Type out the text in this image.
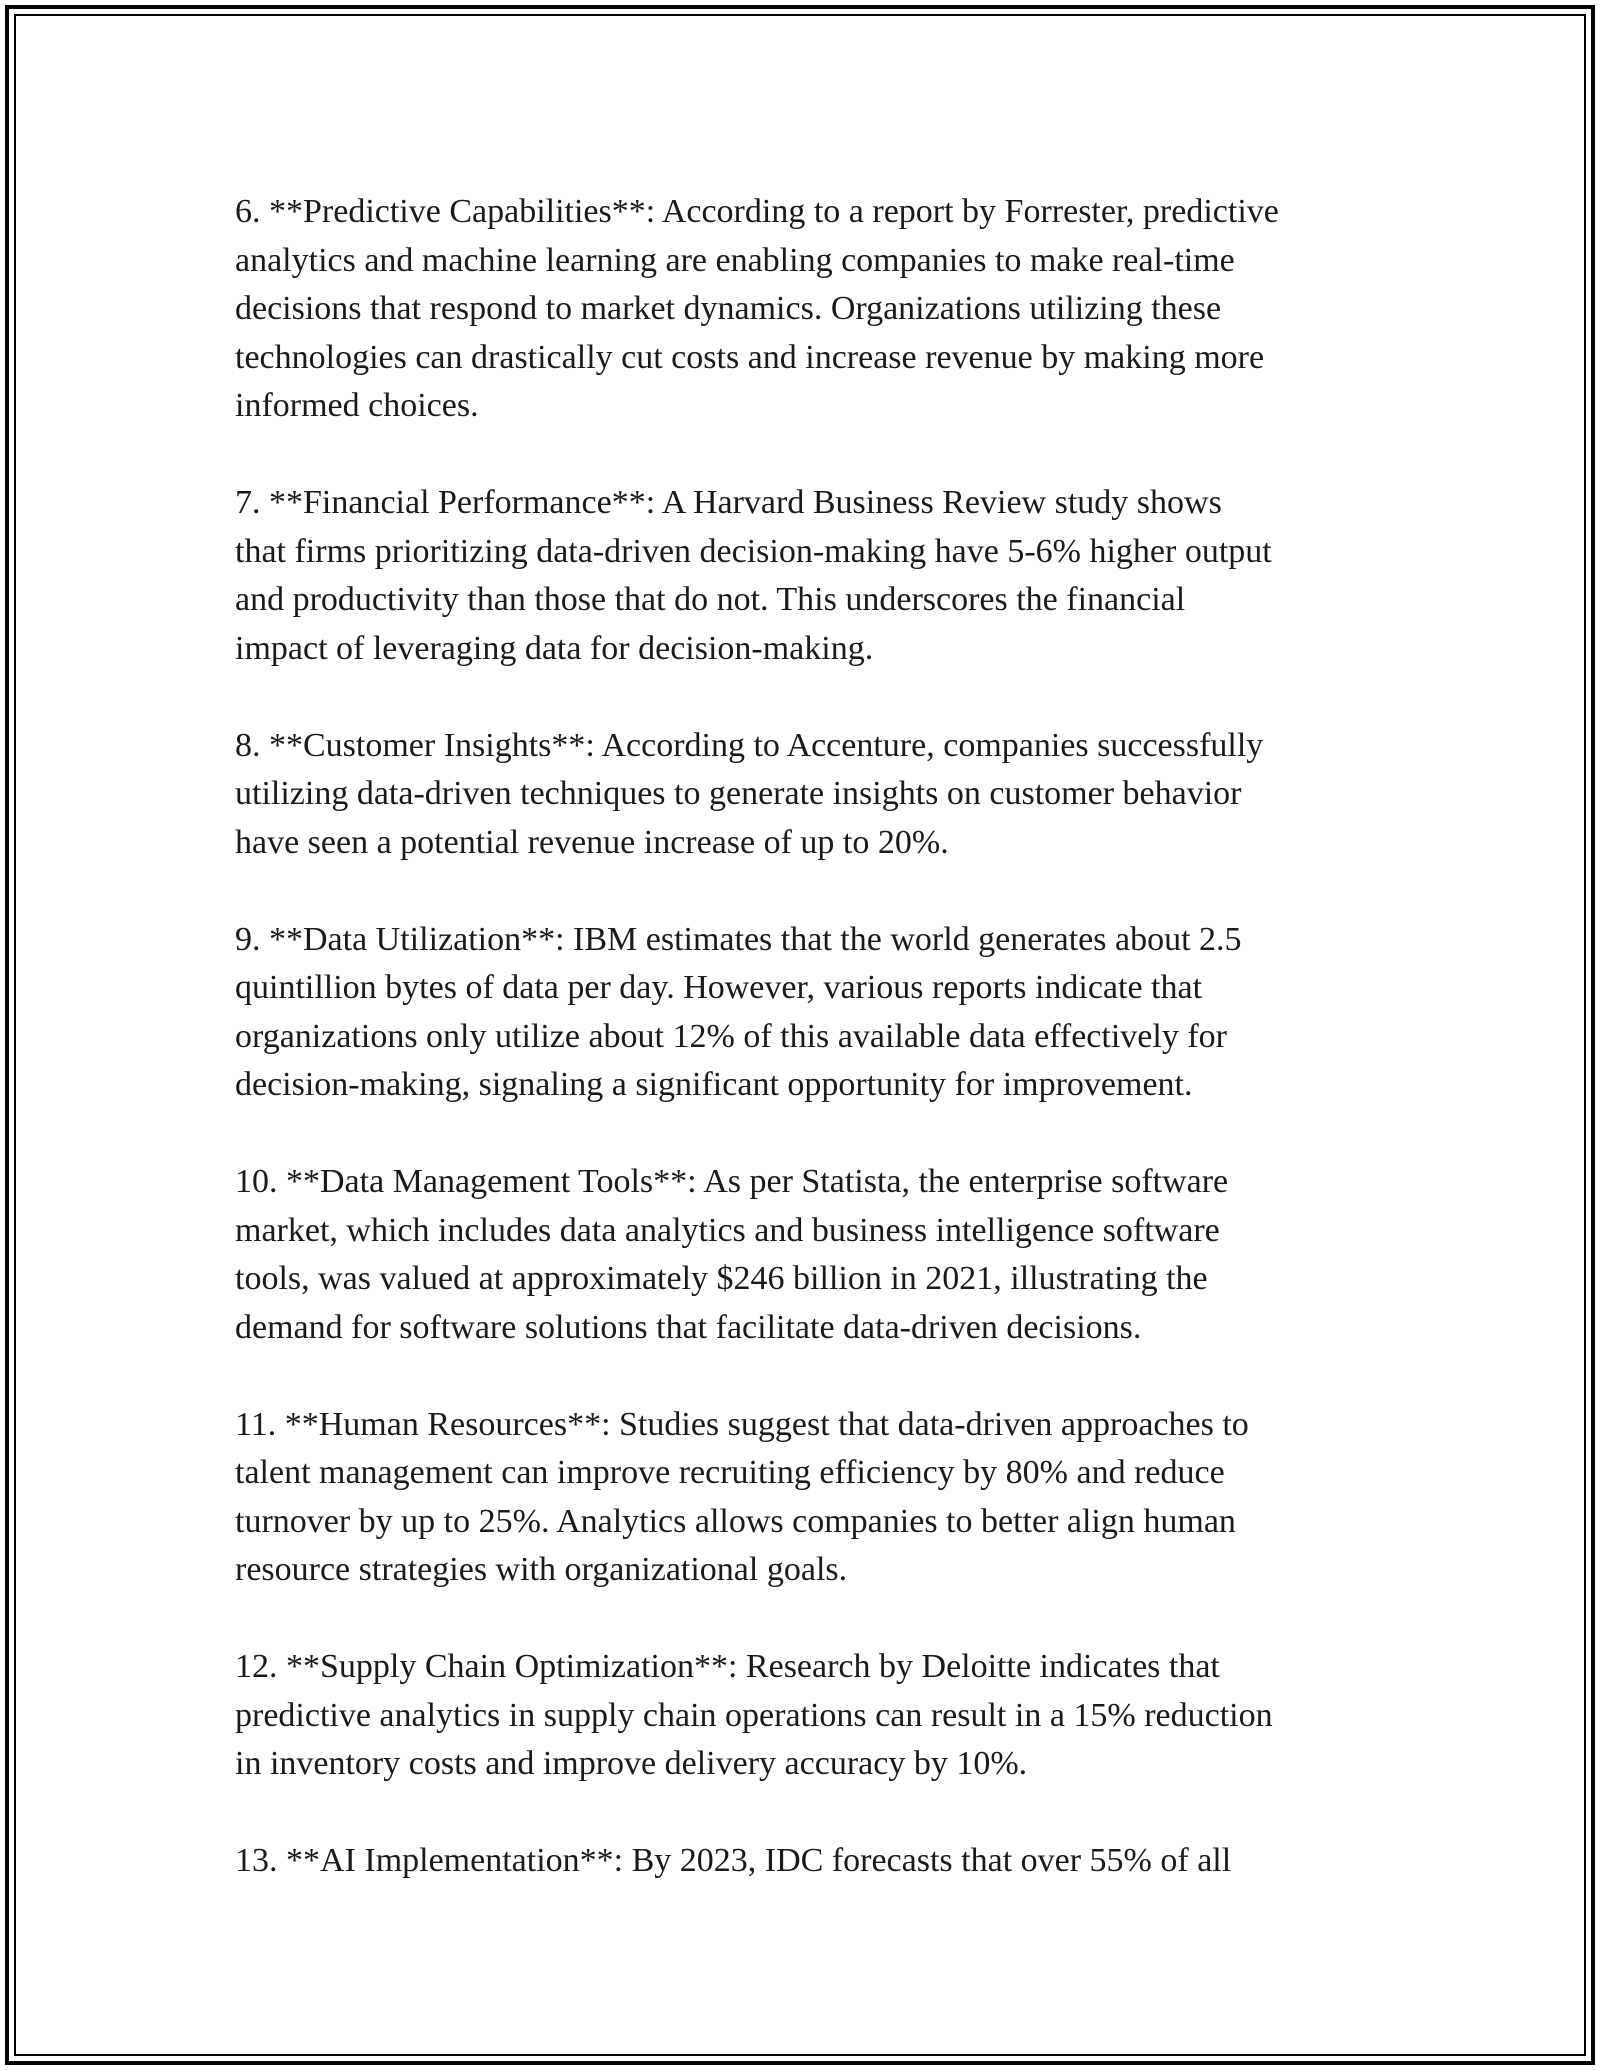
6. **Predictive Capabilities**: According to a report by Forrester, predictive
analytics and machine learning are enabling companies to make real-time
decisions that respond to market dynamics. Organizations utilizing these
technologies can drastically cut costs and increase revenue by making more
informed choices.

7. **Financial Performance**: A Harvard Business Review study shows
that firms prioritizing data-driven decision-making have 5-6% higher output
and productivity than those that do not. This underscores the financial
impact of leveraging data for decision-making.

8. **Customer Insights**: According to Accenture, companies successfully
utilizing data-driven techniques to generate insights on customer behavior
have seen a potential revenue increase of up to 20%.

9. **Data Utilization**: IBM estimates that the world generates about 2.5
quintillion bytes of data per day. However, various reports indicate that
organizations only utilize about 12% of this available data effectively for
decision-making, signaling a significant opportunity for improvement.

10. **Data Management Tools**: As per Statista, the enterprise software
market, which includes data analytics and business intelligence software
tools, was valued at approximately $246 billion in 2021, illustrating the
demand for software solutions that facilitate data-driven decisions.

11. **Human Resources**: Studies suggest that data-driven approaches to
talent management can improve recruiting efficiency by 80% and reduce
turnover by up to 25%. Analytics allows companies to better align human
resource strategies with organizational goals.

12. **Supply Chain Optimization**: Research by Deloitte indicates that
predictive analytics in supply chain operations can result in a 15% reduction
in inventory costs and improve delivery accuracy by 10%.

13. **AI Implementation**: By 2023, IDC forecasts that over 55% of all
